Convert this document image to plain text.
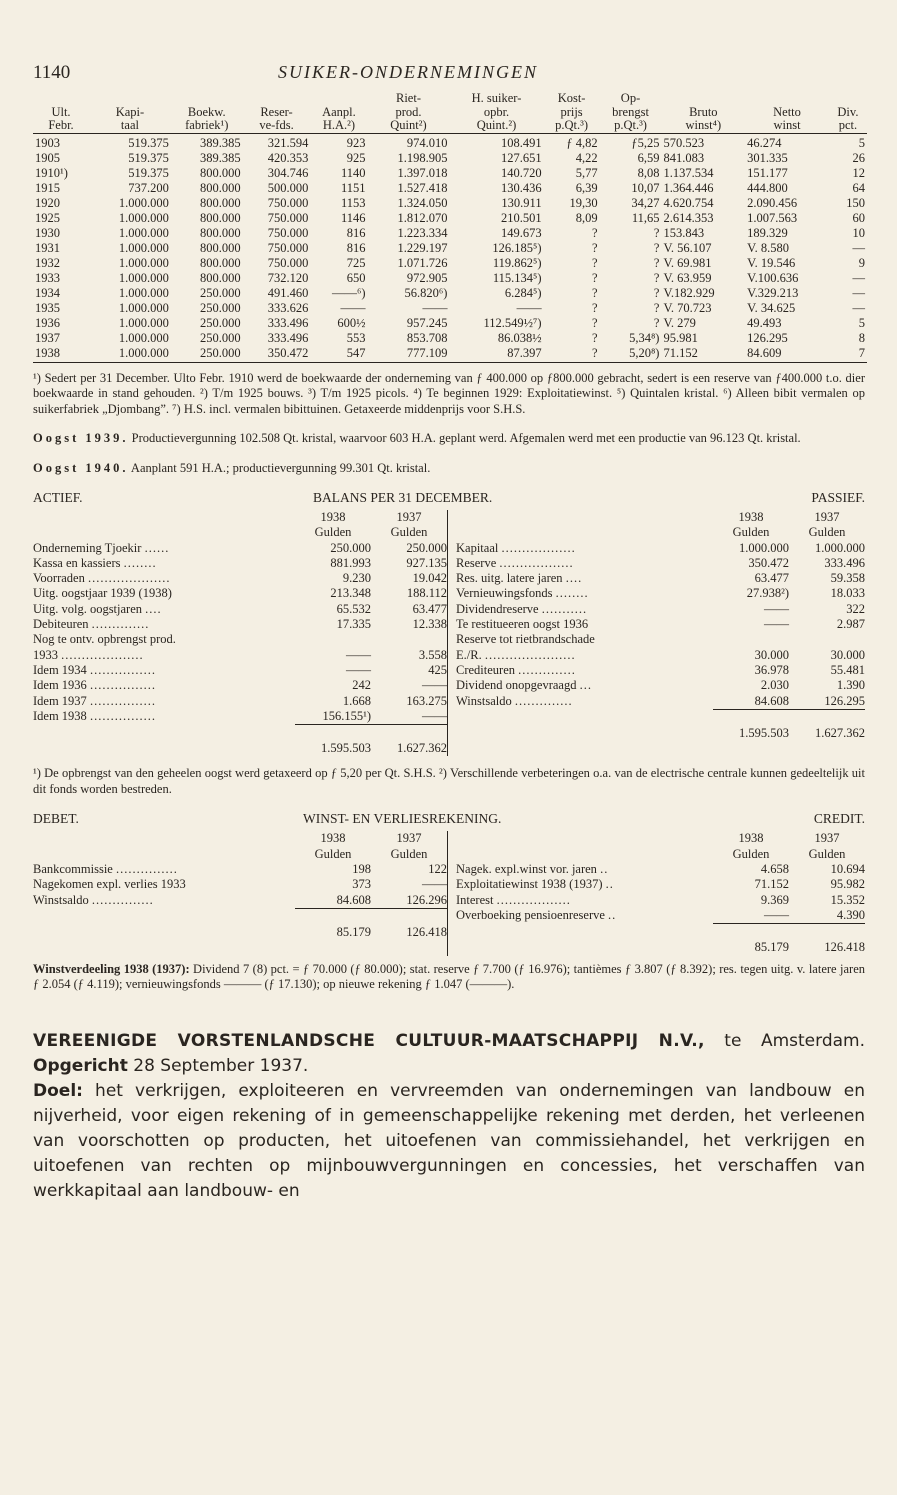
1140	SUIKER-ONDERNEMINGEN
					Riet-	H. suiker-	Kost-	Op-			
Ult.	Kapi-	Boekw.	Reser-	Aanpl.	prod.	opbr.	prijs	brengst	Bruto	Netto	Div.
Febr.	taal	fabriek¹)	ve-fds.	H.A.²)	Quint²)	Quint.²)	p.Qt.³)	p.Qt.³)	winst⁴)	winst	pct.
1903	519.375	389.385	321.594	923	974.010	108.491	ƒ 4,82	ƒ5,25	570.523	46.274	5
1905	519.375	389.385	420.353	925	1.198.905	127.651	4,22	6,59	841.083	301.335	26
1910¹)	519.375	800.000	304.746	1140	1.397.018	140.720	5,77	8,08	1.137.534	151.177	12
1915	737.200	800.000	500.000	1151	1.527.418	130.436	6,39	10,07	1.364.446	444.800	64
1920	1.000.000	800.000	750.000	1153	1.324.050	130.911	19,30	34,27	4.620.754	2.090.456	150
1925	1.000.000	800.000	750.000	1146	1.812.070	210.501	8,09	11,65	2.614.353	1.007.563	60
1930	1.000.000	800.000	750.000	816	1.223.334	149.673	?	?	153.843	189.329	10
1931	1.000.000	800.000	750.000	816	1.229.197	126.185⁵)	?	?	V. 56.107	V. 8.580	—
1932	1.000.000	800.000	750.000	725	1.071.726	119.862⁵)	?	?	V. 69.981	V. 19.546	9
1933	1.000.000	800.000	732.120	650	972.905	115.134⁵)	?	?	V. 63.959	V.100.636	—
1934	1.000.000	250.000	491.460	——⁶)	56.820⁶)	6.284⁵)	?	?	V.182.929	V.329.213	—
1935	1.000.000	250.000	333.626	——	——	——	?	?	V. 70.723	V. 34.625	—
1936	1.000.000	250.000	333.496	600½	957.245	112.549½⁷)	?	?	V. 279	49.493	5
1937	1.000.000	250.000	333.496	553	853.708	86.038½	?	5,34⁸)	95.981	126.295	8
1938	1.000.000	250.000	350.472	547	777.109	87.397	?	5,20⁸)	71.152	84.609	7

¹) Sedert per 31 December. Ulto Febr. 1910 werd de boekwaarde der onderneming van ƒ 400.000 op ƒ800.000 gebracht, sedert is een reserve van ƒ400.000 t.o. dier boekwaarde in stand gehouden. ²) T/m 1925 bouws. ³) T/m 1925 picols. ⁴) Te beginnen 1929: Exploitatiewinst. ⁵) Quintalen kristal. ⁶) Alleen bibit vermalen op suikerfabriek „Djombang”. ⁷) H.S. incl. vermalen bibittuinen. Getaxeerde middenprijs voor S.H.S.

Oogst 1939. Productievergunning 102.508 Qt. kristal, waarvoor 603 H.A. geplant werd. Afgemalen werd met een productie van 96.123 Qt. kristal.

Oogst 1940. Aanplant 591 H.A.; productievergunning 99.301 Qt. kristal.

ACTIEF.	BALANS PER 31 DECEMBER.	PASSIEF.
	1938	1937
	Gulden	Gulden
Onderneming Tjoekir ......	250.000	250.000
Kassa en kassiers ........	881.993	927.135
Voorraden ....................	9.230	19.042
Uitg. oogstjaar 1939 (1938)	213.348	188.112
Uitg. volg. oogstjaren ....	65.532	63.477
Debiteuren ..............	17.335	12.338
Nog te ontv. opbrengst prod.		
1933 ....................	——	3.558
Idem 1934 ................	——	425
Idem 1936 ................	242	——
Idem 1937 ................	1.668	163.275
Idem 1938 ................	156.155¹)	——
	1.595.503	1.627.362
	1938	1937
	Gulden	Gulden
Kapitaal ..................	1.000.000	1.000.000
Reserve ..................	350.472	333.496
Res. uitg. latere jaren ....	63.477	59.358
Vernieuwingsfonds ........	27.938²)	18.033
Dividendreserve ...........	——	322
Te restitueeren oogst 1936	——	2.987
Reserve tot rietbrandschade		
E./R. ......................	30.000	30.000
Crediteuren ..............	36.978	55.481
Dividend onopgevraagd ...	2.030	1.390
Winstsaldo ..............	84.608	126.295
	1.595.503	1.627.362

¹) De opbrengst van den geheelen oogst werd getaxeerd op ƒ 5,20 per Qt. S.H.S. ²) Verschillende verbeteringen o.a. van de electrische centrale kunnen gedeeltelijk uit dit fonds worden bestreden.

DEBET.	WINST- EN VERLIESREKENING.	CREDIT.
	1938	1937
	Gulden	Gulden
Bankcommissie ...............	198	122
Nagekomen expl. verlies 1933	373	——
Winstsaldo ...............	84.608	126.296
	85.179	126.418
	1938	1937
	Gulden	Gulden
Nagek. expl.winst vor. jaren ..	4.658	10.694
Exploitatiewinst 1938 (1937) ..	71.152	95.982
Interest ..................	9.369	15.352
Overboeking pensioenreserve ..	——	4.390
	85.179	126.418

Winstverdeeling 1938 (1937): Dividend 7 (8) pct. = ƒ 70.000 (ƒ 80.000); stat. reserve ƒ 7.700 (ƒ 16.976); tantièmes ƒ 3.807 (ƒ 8.392); res. tegen uitg. v. latere jaren ƒ 2.054 (ƒ 4.119); vernieuwingsfonds ——— (ƒ 17.130); op nieuwe rekening ƒ 1.047 (———).

VEREENIGDE VORSTENLANDSCHE CULTUUR-MAATSCHAPPIJ N.V., te Amsterdam. Opgericht 28 September 1937.

Doel: het verkrijgen, exploiteeren en vervreemden van ondernemingen van landbouw en nijverheid, voor eigen rekening of in gemeenschappelijke rekening met derden, het verleenen van voorschotten op producten, het uitoefenen van commissiehandel, het verkrijgen en uitoefenen van rechten op mijnbouwvergunningen en concessies, het verschaffen van werkkapitaal aan landbouw- en
